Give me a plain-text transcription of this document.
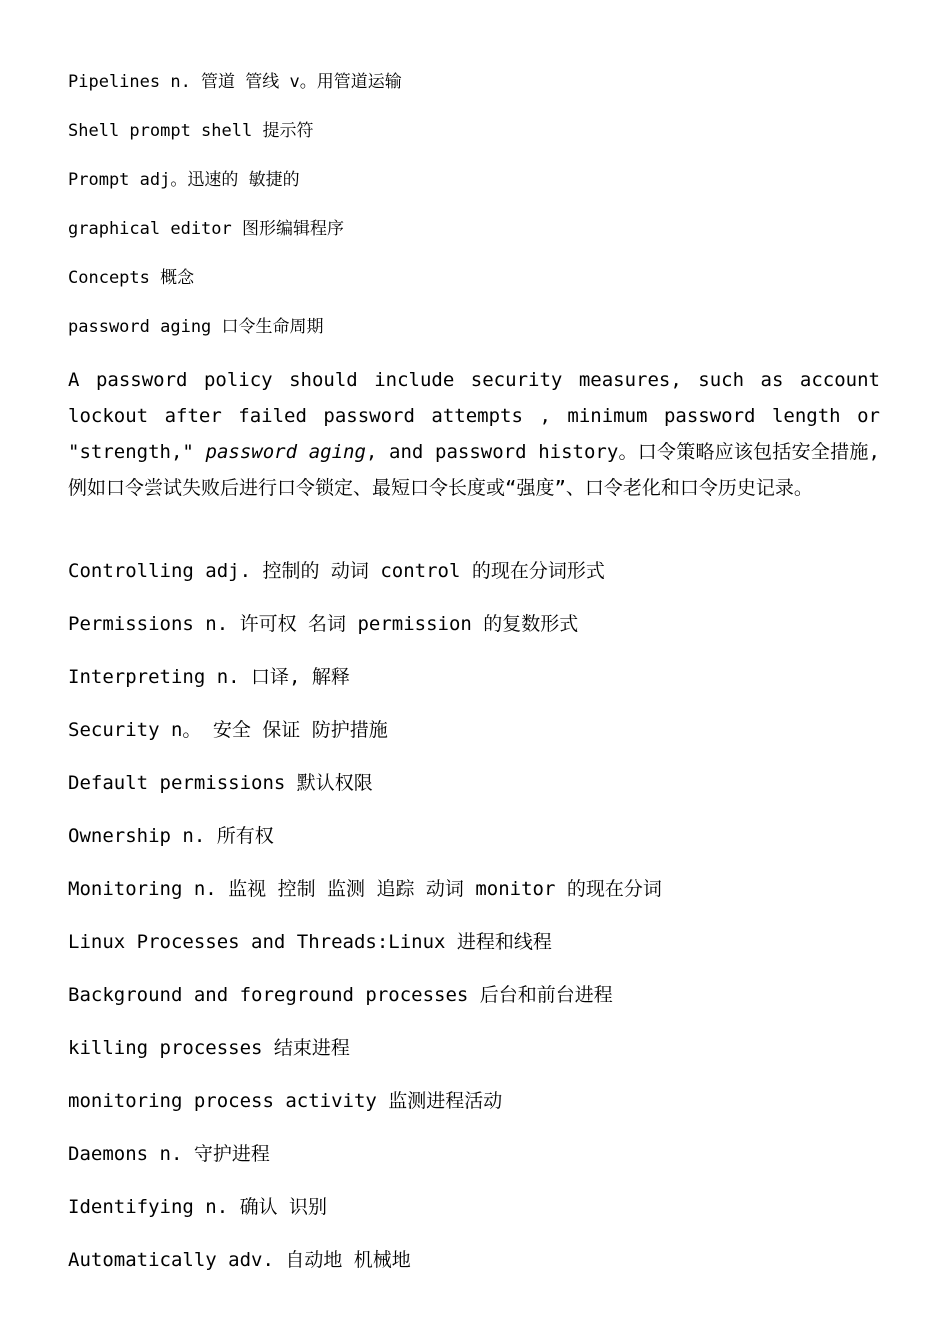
Pipelines n. 管道 管线 v。用管道运输
Shell prompt shell 提示符
Prompt adj。迅速的 敏捷的
graphical editor 图形编辑程序
Concepts 概念
password aging 口令生命周期
A password policy should include security measures, such as account lockout after failed password attempts , minimum password length or "strength," password aging, and password history。口令策略应该包括安全措施,例如口令尝试失败后进行口令锁定、最短口令长度或“强度”、口令老化和口令历史记录。
Controlling adj. 控制的 动词 control 的现在分词形式
Permissions n. 许可权 名词 permission 的复数形式
Interpreting n. 口译, 解释
Security n。 安全 保证 防护措施
Default permissions 默认权限
Ownership n. 所有权
Monitoring n. 监视 控制 监测 追踪 动词 monitor 的现在分词
Linux Processes and Threads:Linux 进程和线程
Background and foreground processes 后台和前台进程
killing processes 结束进程
monitoring process activity 监测进程活动
Daemons n. 守护进程
Identifying n. 确认 识别
Automatically adv. 自动地 机械地
